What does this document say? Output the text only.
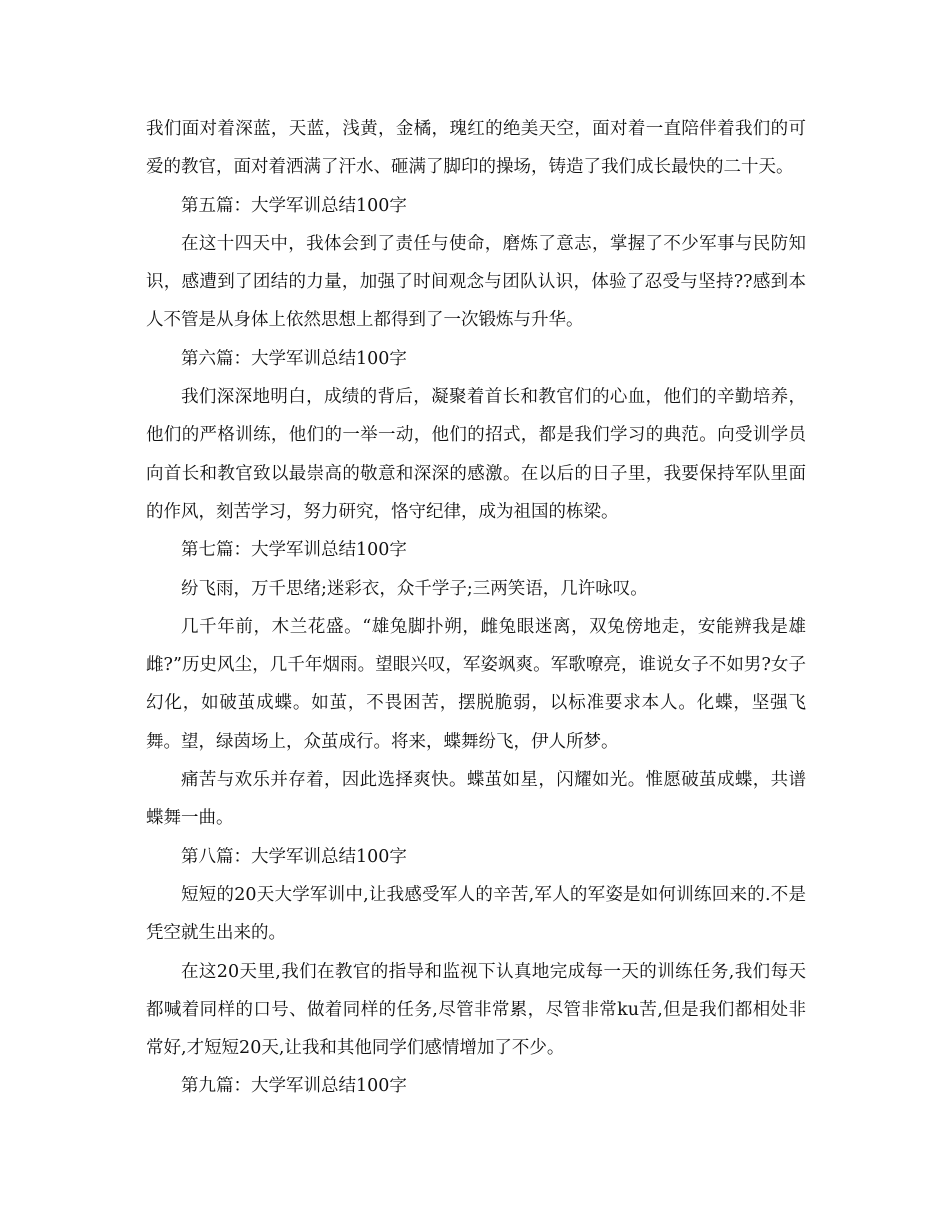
我们面对着深蓝，天蓝，浅黄，金橘，瑰红的绝美天空，面对着一直陪伴着我们的可爱的教官，面对着洒满了汗水、砸满了脚印的操场，铸造了我们成长最快的二十天。

第五篇：大学军训总结100字

在这十四天中，我体会到了责任与使命，磨炼了意志，掌握了不少军事与民防知识，感遭到了团结的力量，加强了时间观念与团队认识，体验了忍受与坚持??感到本人不管是从身体上依然思想上都得到了一次锻炼与升华。

第六篇：大学军训总结100字

我们深深地明白，成绩的背后，凝聚着首长和教官们的心血，他们的辛勤培养，他们的严格训练，他们的一举一动，他们的招式，都是我们学习的典范。向受训学员向首长和教官致以最崇高的敬意和深深的感激。在以后的日子里，我要保持军队里面的作风，刻苦学习，努力研究，恪守纪律，成为祖国的栋梁。

第七篇：大学军训总结100字

纷飞雨，万千思绪;迷彩衣，众千学子;三两笑语，几许咏叹。

几千年前，木兰花盛。“雄兔脚扑朔，雌兔眼迷离，双兔傍地走，安能辨我是雄雌?”历史风尘，几千年烟雨。望眼兴叹，军姿飒爽。军歌嘹亮，谁说女子不如男?女子幻化，如破茧成蝶。如茧，不畏困苦，摆脱脆弱，以标准要求本人。化蝶，坚强飞舞。望，绿茵场上，众茧成行。将来，蝶舞纷飞，伊人所梦。

痛苦与欢乐并存着，因此选择爽快。蝶茧如星，闪耀如光。惟愿破茧成蝶，共谱蝶舞一曲。

第八篇：大学军训总结100字

短短的20天大学军训中,让我感受军人的辛苦,军人的军姿是如何训练回来的.不是凭空就生出来的。

在这20天里,我们在教官的指导和监视下认真地完成每一天的训练任务,我们每天都喊着同样的口号、做着同样的任务,尽管非常累，尽管非常ku苦,但是我们都相处非常好,才短短20天,让我和其他同学们感情增加了不少。

第九篇：大学军训总结100字
